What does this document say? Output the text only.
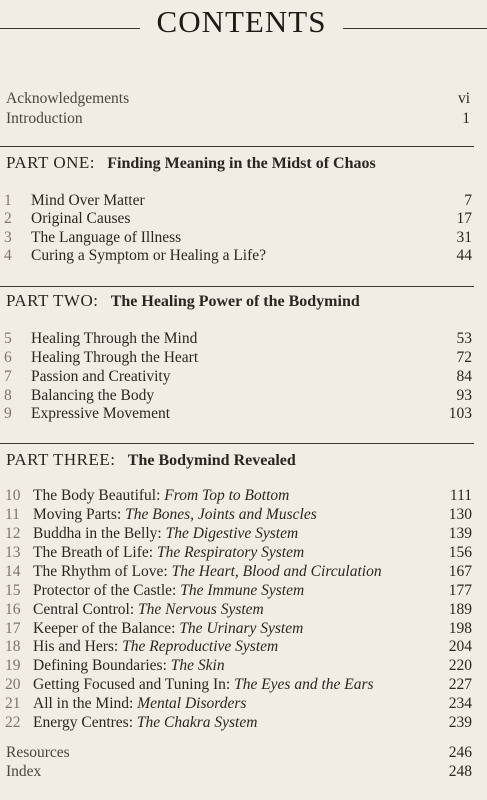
CONTENTS
Acknowledgements	vi
Introduction	1
PART ONE: Finding Meaning in the Midst of Chaos
1	Mind Over Matter	7
2	Original Causes	17
3	The Language of Illness	31
4	Curing a Symptom or Healing a Life?	44
PART TWO: The Healing Power of the Bodymind
5	Healing Through the Mind	53
6	Healing Through the Heart	72
7	Passion and Creativity	84
8	Balancing the Body	93
9	Expressive Movement	103
PART THREE: The Bodymind Revealed
10 The Body Beautiful: From Top to Bottom	111
11 Moving Parts: The Bones, Joints and Muscles	130
12 Buddha in the Belly: The Digestive System	139
13 The Breath of Life: The Respiratory System	156
14 The Rhythm of Love: The Heart, Blood and Circulation	167
15 Protector of the Castle: The Immune System	177
16 Central Control: The Nervous System	189
17 Keeper of the Balance: The Urinary System	198
18 His and Hers: The Reproductive System	204
19 Defining Boundaries: The Skin	220
20 Getting Focused and Tuning In: The Eyes and the Ears	227
21 All in the Mind: Mental Disorders	234
22 Energy Centres: The Chakra System	239
Resources	246
Index	248
